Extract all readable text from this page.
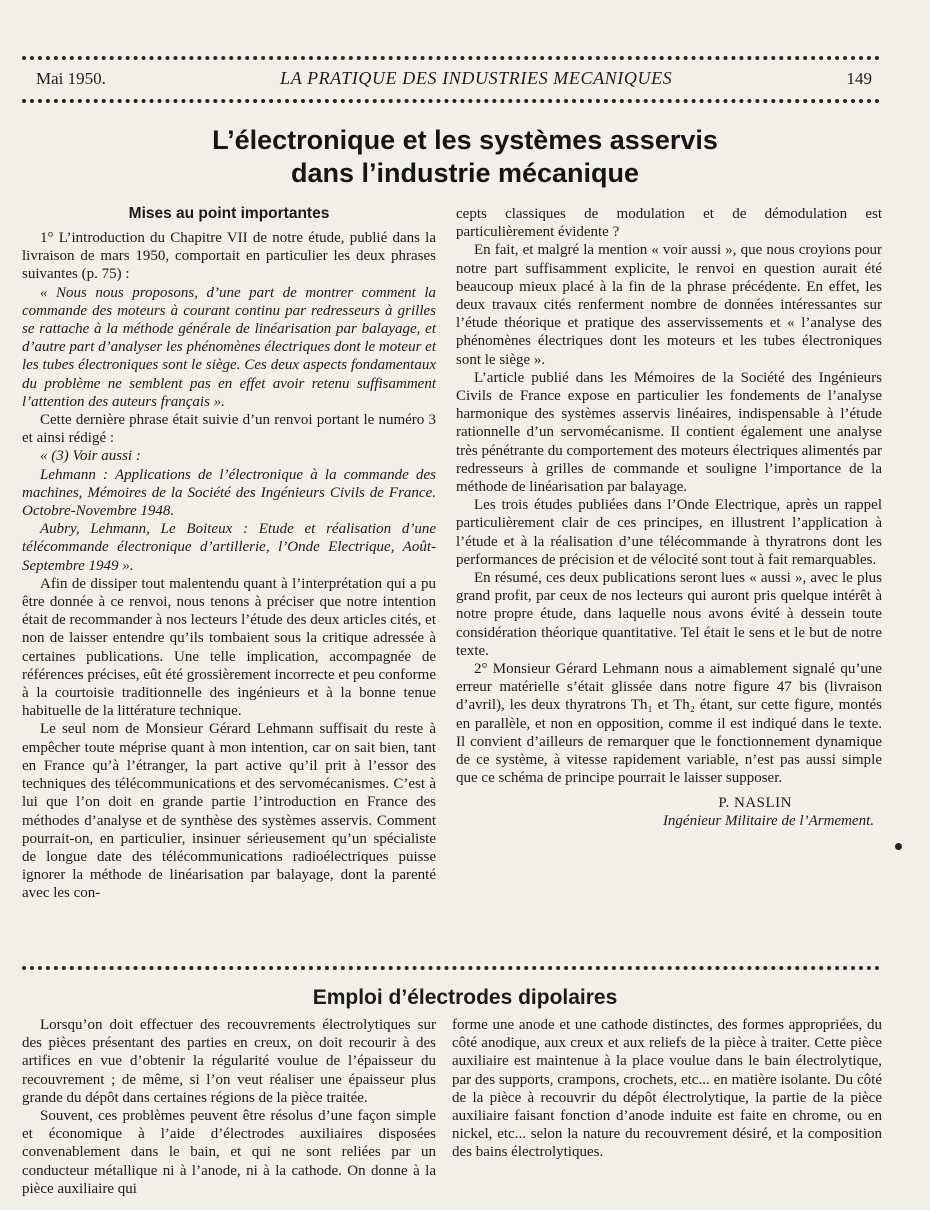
Mai 1950.	LA PRATIQUE DES INDUSTRIES MECANIQUES	149
L’électronique et les systèmes asservis
dans l’industrie mécanique
Mises au point importantes

1° L’introduction du Chapitre VII de notre étude, publié dans la livraison de mars 1950, comportait en particulier les deux phrases suivantes (p. 75) :

« Nous nous proposons, d’une part de montrer comment la commande des moteurs à courant continu par redresseurs à grilles se rattache à la méthode générale de linéarisation par balayage, et d’autre part d’analyser les phénomènes électriques dont le moteur et les tubes électroniques sont le siège. Ces deux aspects fondamentaux du problème ne semblent pas en effet avoir retenu suffisamment l’attention des auteurs français ».

Cette dernière phrase était suivie d’un renvoi portant le numéro 3 et ainsi rédigé :

« (3) Voir aussi :

Lehmann : Applications de l’électronique à la commande des machines, Mémoires de la Société des Ingénieurs Civils de France. Octobre-Novembre 1948.

Aubry, Lehmann, Le Boiteux : Etude et réalisation d’une télécommande électronique d’artillerie, l’Onde Electrique, Août-Septembre 1949 ».

Afin de dissiper tout malentendu quant à l’interprétation qui a pu être donnée à ce renvoi, nous tenons à préciser que notre intention était de recommander à nos lecteurs l’étude des deux articles cités, et non de laisser entendre qu’ils tombaient sous la critique adressée à certaines publications. Une telle implication, accompagnée de références précises, eût été grossièrement incorrecte et peu conforme à la courtoisie traditionnelle des ingénieurs et à la bonne tenue habituelle de la littérature technique.

Le seul nom de Monsieur Gérard Lehmann suffisait du reste à empêcher toute méprise quant à mon intention, car on sait bien, tant en France qu’à l’étranger, la part active qu’il prit à l’essor des techniques des télécommunications et des servomécanismes. C’est à lui que l’on doit en grande partie l’introduction en France des méthodes d’analyse et de synthèse des systèmes asservis. Comment pourrait-on, en particulier, insinuer sérieusement qu’un spécialiste de longue date des télécommunications radioélectriques puisse ignorer la méthode de linéarisation par balayage, dont la parenté avec les con-

cepts classiques de modulation et de démodulation est particulièrement évidente ?

En fait, et malgré la mention « voir aussi », que nous croyions pour notre part suffisamment explicite, le renvoi en question aurait été beaucoup mieux placé à la fin de la phrase précédente. En effet, les deux travaux cités renferment nombre de données intéressantes sur l’étude théorique et pratique des asservissements et « l’analyse des phénomènes électriques dont les moteurs et les tubes électroniques sont le siège ».

L’article publié dans les Mémoires de la Société des Ingénieurs Civils de France expose en particulier les fondements de l’analyse harmonique des systèmes asservis linéaires, indispensable à l’étude rationnelle d’un servomécanisme. Il contient également une analyse très pénétrante du comportement des moteurs électriques alimentés par redresseurs à grilles de commande et souligne l’importance de la méthode de linéarisation par balayage.

Les trois études publiées dans l’Onde Electrique, après un rappel particulièrement clair de ces principes, en illustrent l’application à l’étude et à la réalisation d’une télécommande à thyratrons dont les performances de précision et de vélocité sont tout à fait remarquables.

En résumé, ces deux publications seront lues « aussi », avec le plus grand profit, par ceux de nos lecteurs qui auront pris quelque intérêt à notre propre étude, dans laquelle nous avons évité à dessein toute considération théorique quantitative. Tel était le sens et le but de notre texte.

2° Monsieur Gérard Lehmann nous a aimablement signalé qu’une erreur matérielle s’était glissée dans notre figure 47 bis (livraison d’avril), les deux thyratrons Th₁ et Th₂ étant, sur cette figure, montés en parallèle, et non en opposition, comme il est indiqué dans le texte. Il convient d’ailleurs de remarquer que le fonctionnement dynamique de ce système, à vitesse rapidement variable, n’est pas aussi simple que ce schéma de principe pourrait le laisser supposer.

P. NASLIN
Ingénieur Militaire de l’Armement.
Emploi d’électrodes dipolaires

Lorsqu’on doit effectuer des recouvrements électrolytiques sur des pièces présentant des parties en creux, on doit recourir à des artifices en vue d’obtenir la régularité voulue de l’épaisseur du recouvrement ; de même, si l’on veut réaliser une épaisseur plus grande du dépôt dans certaines régions de la pièce traitée.

Souvent, ces problèmes peuvent être résolus d’une façon simple et économique à l’aide d’électrodes auxiliaires disposées convenablement dans le bain, et qui ne sont reliées par un conducteur métallique ni à l’anode, ni à la cathode. On donne à la pièce auxiliaire qui

forme une anode et une cathode distinctes, des formes appropriées, du côté anodique, aux creux et aux reliefs de la pièce à traiter. Cette pièce auxiliaire est maintenue à la place voulue dans le bain électrolytique, par des supports, crampons, crochets, etc... en matière isolante. Du côté de la pièce à recouvrir du dépôt électrolytique, la partie de la pièce auxiliaire faisant fonction d’anode induite est faite en chrome, ou en nickel, etc... selon la nature du recouvrement désiré, et la composition des bains électrolytiques.
